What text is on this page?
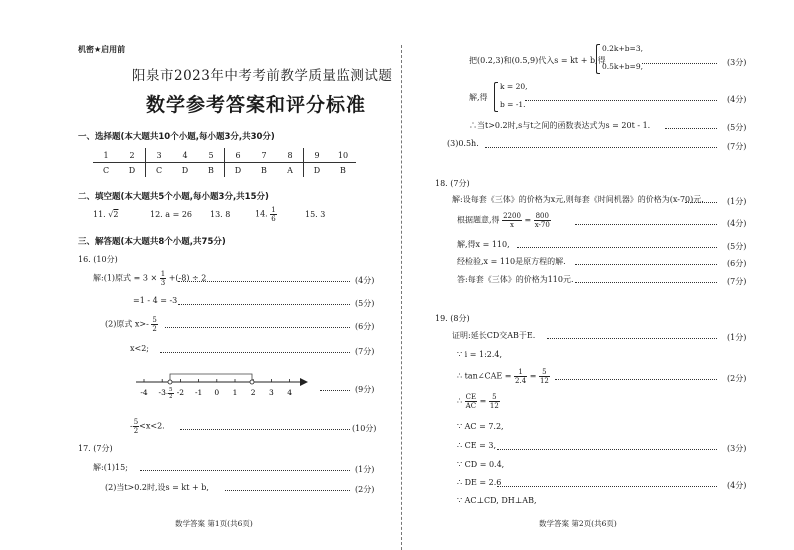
机密★启用前
阳泉市2023年中考考前教学质量监测试题
数学参考答案和评分标准
一、选择题(本大题共10个小题,每小题3分,共30分)
1	2	3	4	5	6	7	8	9	10
C	D	C	D	B	D	B	A	D	B
二、填空题(本大题共5个小题,每小题3分,共15分)
11. √2	12. a = 26 13. 8	14. $\frac{1}{6}$	15. 3
三、解答题(本大题共8个小题,共75分)
16. (10分)
解:(1)原式 = $3 \times \frac{1}{3} +(-8) \div 2$	(4分)
=1 - 4 = -3	(5分)
(2)原式 $x>- \frac{5}{2}$	(6分)
x<2;	(7分)
-4 -3 -2 -1 0 1 2 3 4
- $\frac{5}{2}$	(9分)
- $\frac{5}{2} <x<2$.	(10分)
17. (7分)
解:(1)15;	(1分)
(2)当t>0.2时,设s = kt + b,	(2分)
数学答案 第1页(共6页)
把(0.2,3)和(0.5,9)代入s = kt + b,得
0.2k+b=3,
0.5k+b=9,	(3分)
解,得
k = 20,
b = -1.
(4分)
∴当t>0.2时,s与t之间的函数表达式为s = 20t - 1.	(5分)
(3)0.5h.	(7分)
18. (7分)
解:设每套《三体》的价格为x元,则每套《时间机器》的价格为(x-70)元.	(1分)
根据题意,得 $\frac{2200}{x} = \frac{800}{x-70}$	(4分)
解,得x = 110,	(5分)
经检验,x = 110是原方程的解.	(6分)
答:每套《三体》的价格为110元.	(7分)
19. (8分)
证明:延长CD交AB于E.	(1分)
∵ i = 1:2.4,
∴ tan∠CAE = $\frac{1}{2.4} = \frac{5}{12}$	(2分)
∴ $\frac{CE}{AC} = \frac{5}{12}$
∵ AC = 7.2,
∴ CE = 3,	(3分)
∵ CD = 0.4,
∴ DE = 2.6	(4分)
∵ AC⊥CD, DH⊥AB,
数学答案 第2页(共6页)
